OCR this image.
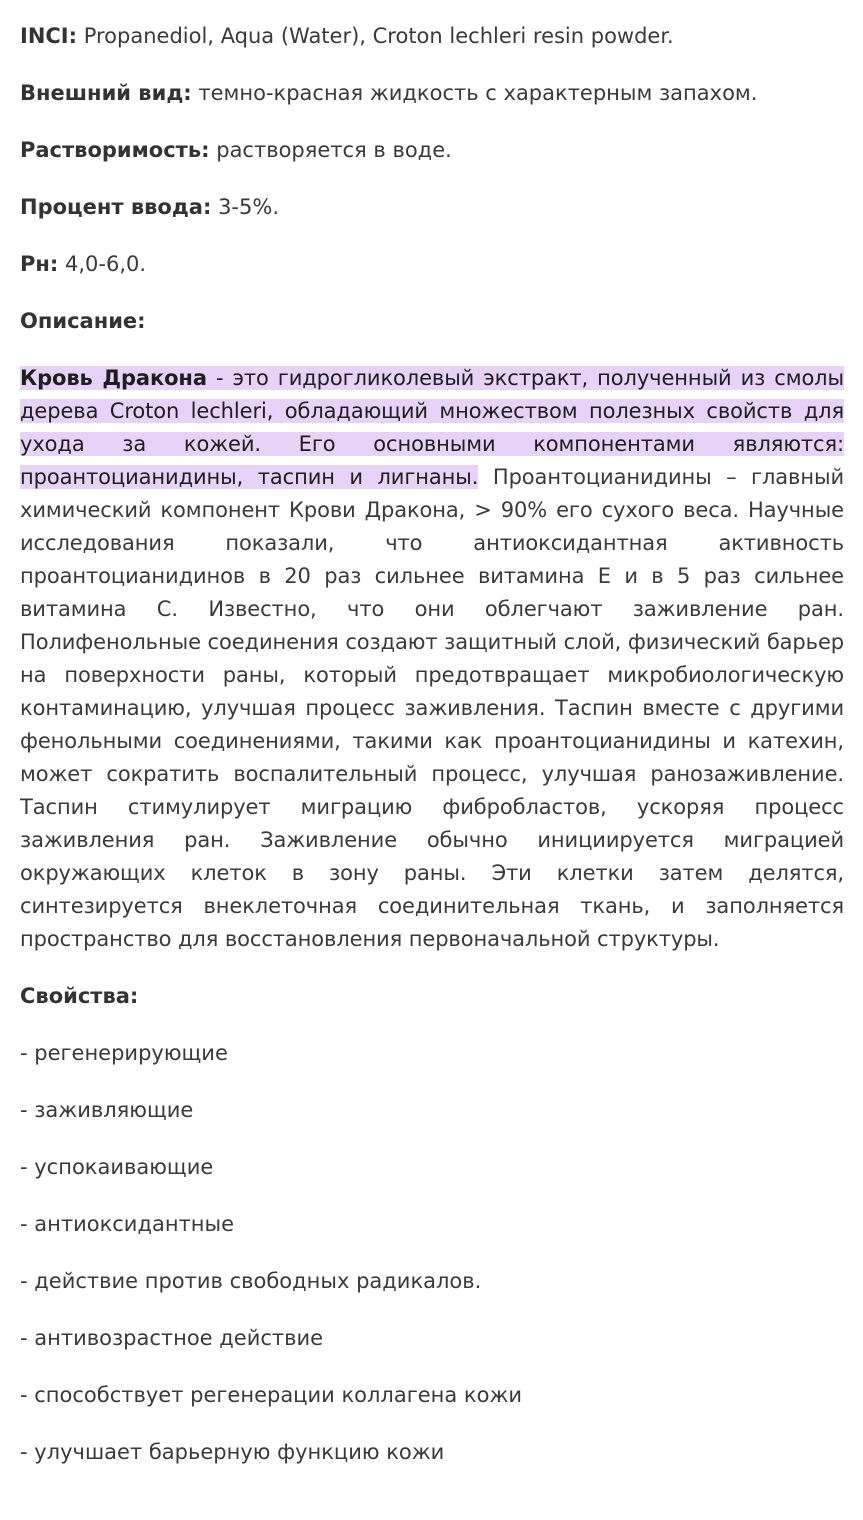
INCI: Propanediol, Aqua (Water), Croton lechleri resin powder.
Внешний вид: темно-красная жидкость с характерным запахом.
Растворимость: растворяется в воде.
Процент ввода: 3-5%.
Рн: 4,0-6,0.
Описание:
Кровь Дракона - это гидрогликолевый экстракт, полученный из смолы дерева Croton lechleri, обладающий множеством полезных свойств для ухода за кожей. Его основными компонентами являются: проантоцианидины, таспин и лигнаны. Проантоцианидины – главный химический компонент Крови Дракона, > 90% его сухого веса. Научные исследования показали, что антиоксидантная активность проантоцианидинов в 20 раз сильнее витамина Е и в 5 раз сильнее витамина С. Известно, что они облегчают заживление ран. Полифенольные соединения создают защитный слой, физический барьер на поверхности раны, который предотвращает микробиологическую контаминацию, улучшая процесс заживления. Таспин вместе с другими фенольными соединениями, такими как проантоцианидины и катехин, может сократить воспалительный процесс, улучшая ранозаживление. Таспин стимулирует миграцию фибробластов, ускоряя процесс заживления ран. Заживление обычно инициируется миграцией окружающих клеток в зону раны. Эти клетки затем делятся, синтезируется внеклеточная соединительная ткань, и заполняется пространство для восстановления первоначальной структуры.
Свойства:
- регенерирующие
- заживляющие
- успокаивающие
- антиоксидантные
- действие против свободных радикалов.
- антивозрастное действие
- способствует регенерации коллагена кожи
- улучшает барьерную функцию кожи
